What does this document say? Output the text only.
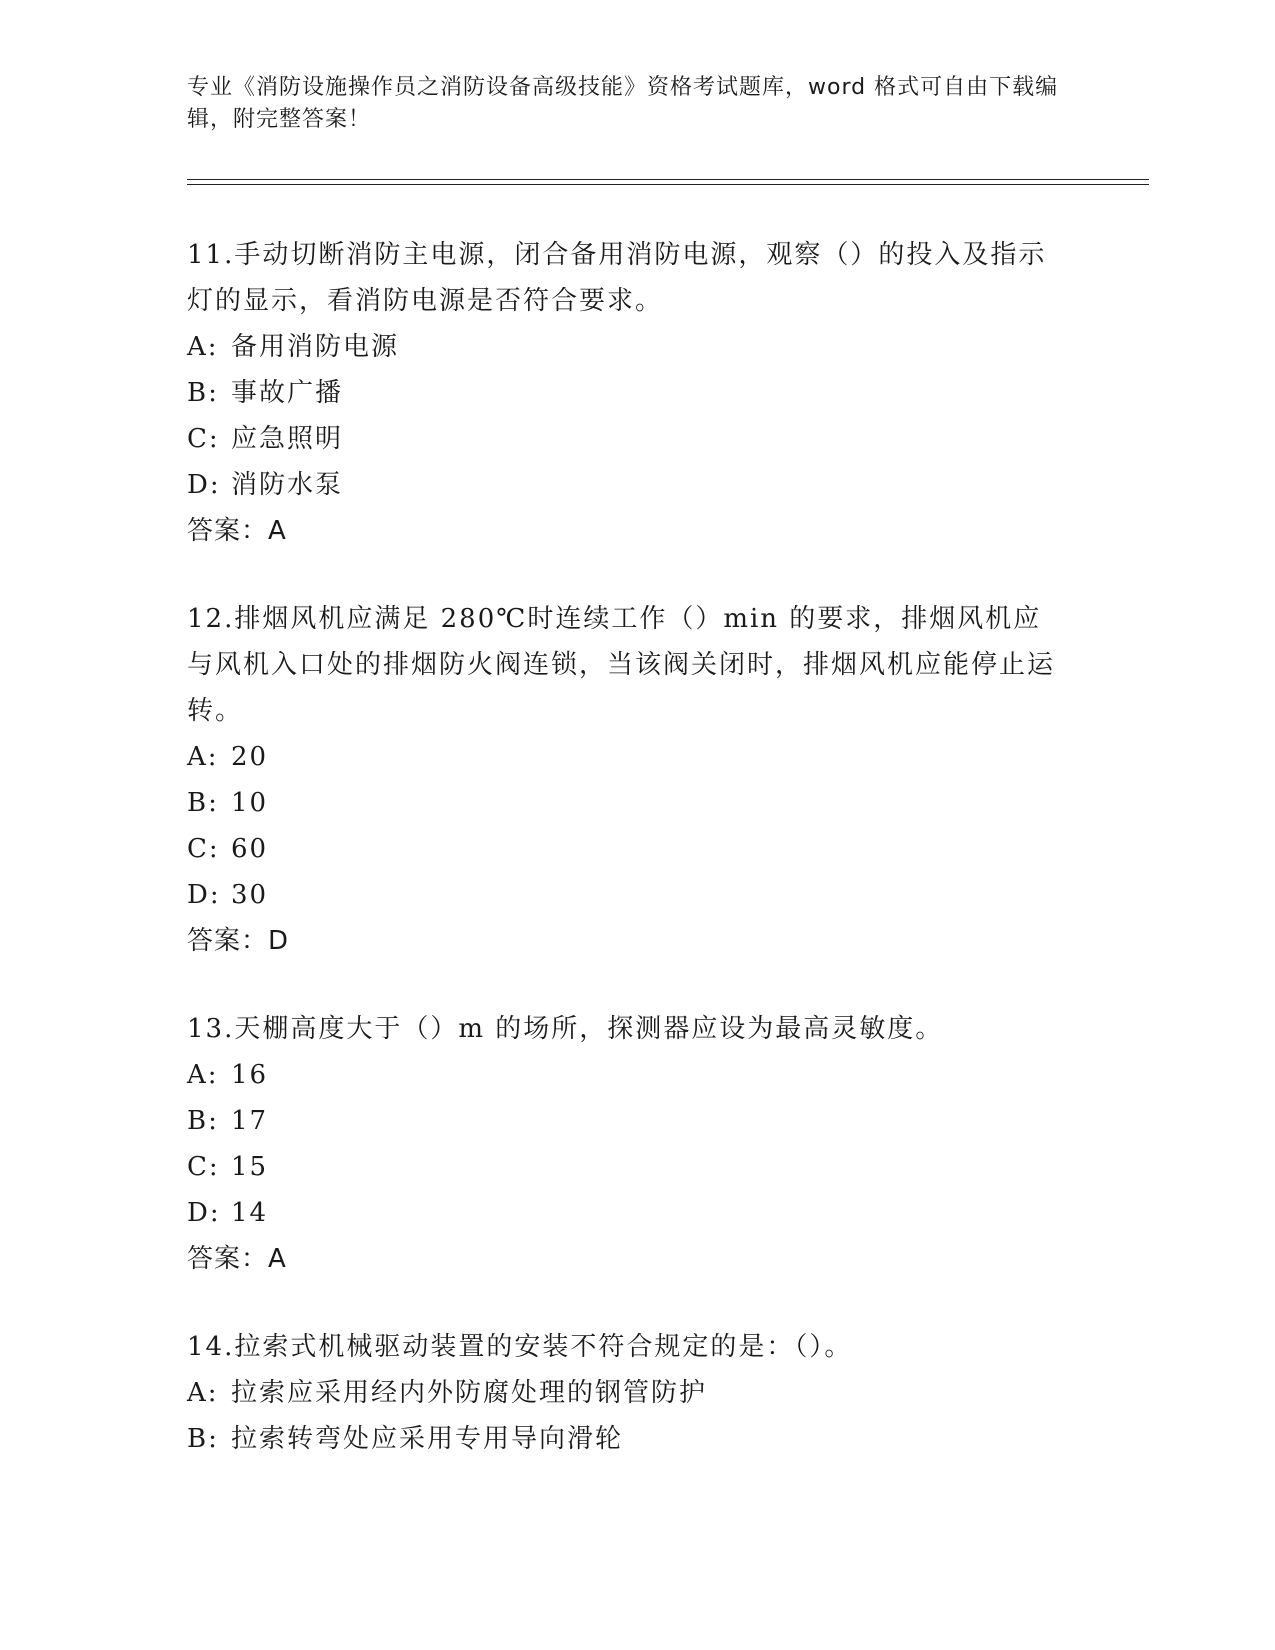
专业《消防设施操作员之消防设备高级技能》资格考试题库，word 格式可自由下载编辑，附完整答案！
11.手动切断消防主电源，闭合备用消防电源，观察（）的投入及指示灯的显示，看消防电源是否符合要求。
A: 备用消防电源
B: 事故广播
C: 应急照明
D: 消防水泵
答案：A
12.排烟风机应满足 280℃时连续工作（）min 的要求，排烟风机应与风机入口处的排烟防火阀连锁，当该阀关闭时，排烟风机应能停止运转。
A: 20
B: 10
C: 60
D: 30
答案：D
13.天棚高度大于（）m 的场所，探测器应设为最高灵敏度。
A: 16
B: 17
C: 15
D: 14
答案：A
14.拉索式机械驱动装置的安装不符合规定的是：（）。
A: 拉索应采用经内外防腐处理的钢管防护
B: 拉索转弯处应采用专用导向滑轮
